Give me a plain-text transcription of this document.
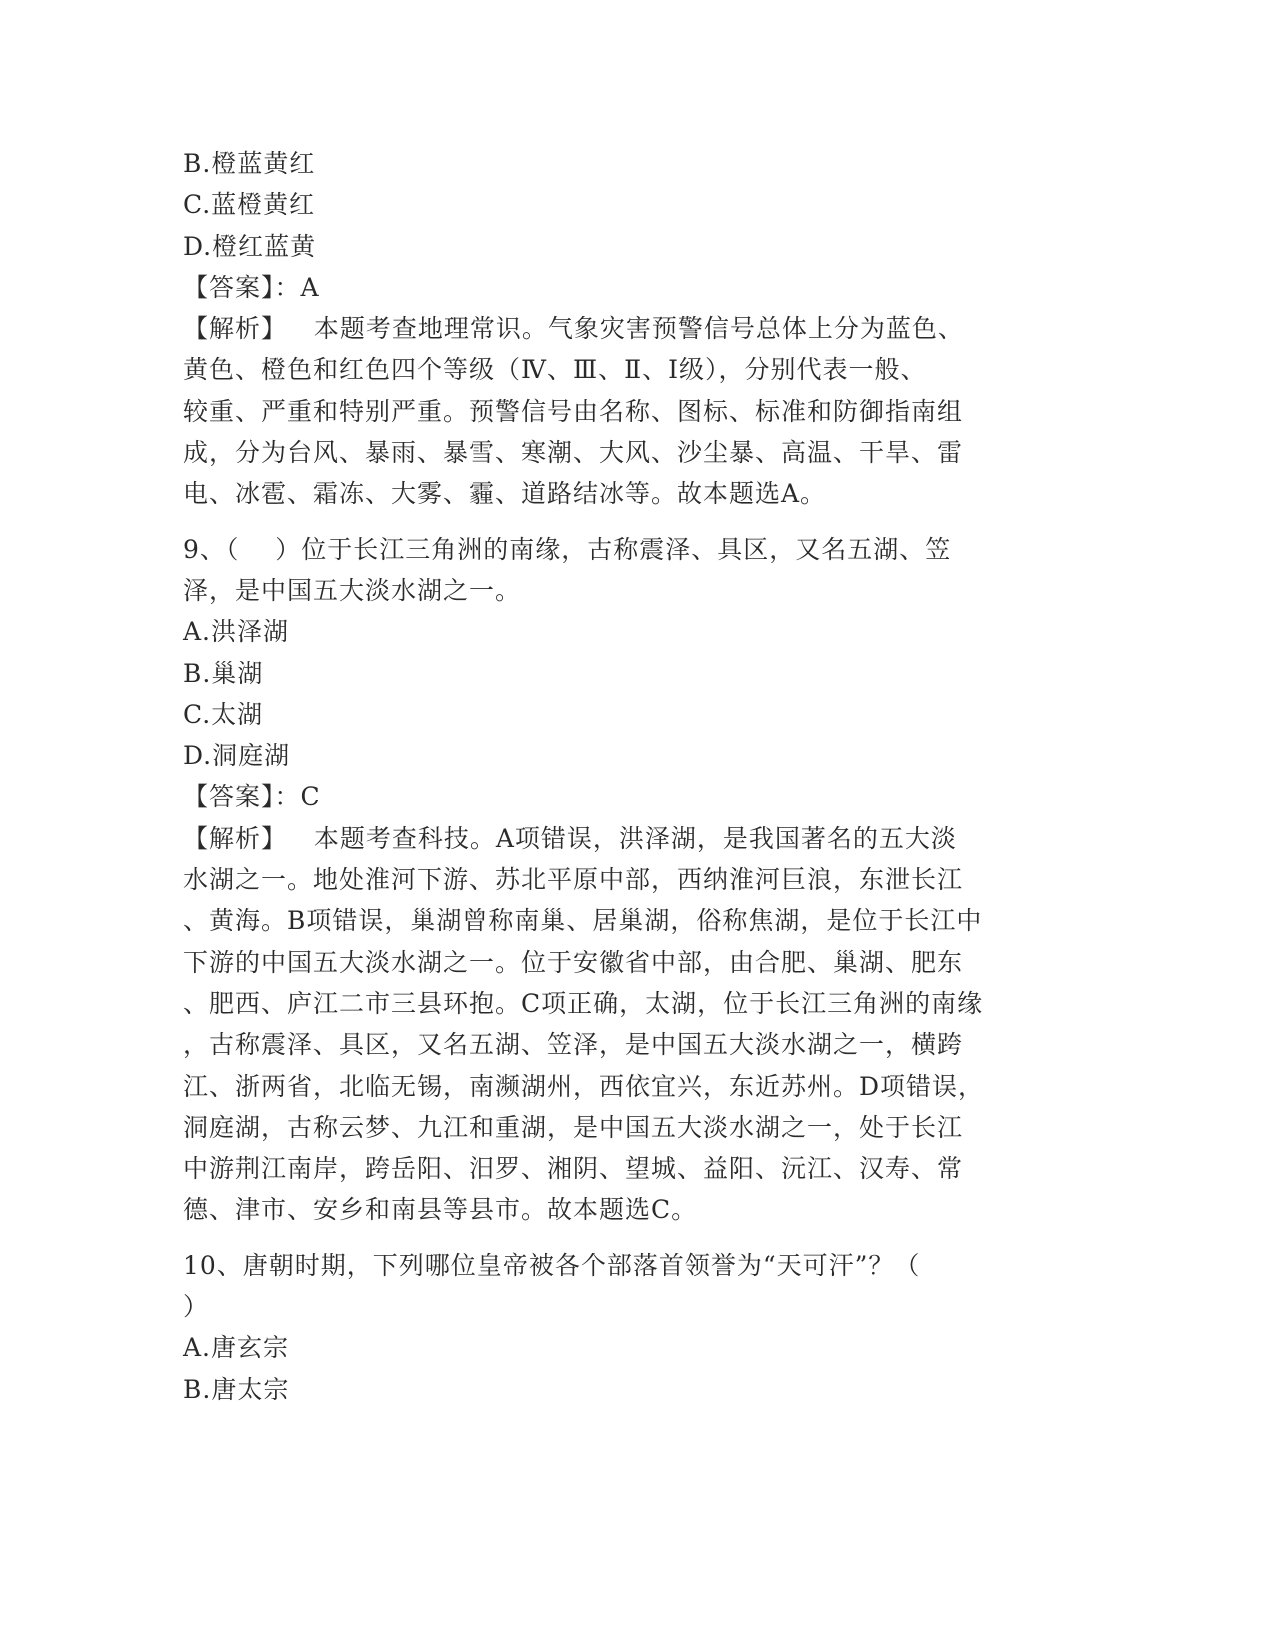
B.橙蓝黄红
C.蓝橙黄红
D.橙红蓝黄
【答案】：A
【解析】   本题考查地理常识。气象灾害预警信号总体上分为蓝色、
黄色、橙色和红色四个等级（Ⅳ、Ⅲ、Ⅱ、Ⅰ级），分别代表一般、
较重、严重和特别严重。预警信号由名称、图标、标准和防御指南组
成，分为台风、暴雨、暴雪、寒潮、大风、沙尘暴、高温、干旱、雷
电、冰雹、霜冻、大雾、霾、道路结冰等。故本题选A。
9、（    ）位于长江三角洲的南缘，古称震泽、具区，又名五湖、笠
泽，是中国五大淡水湖之一。
A.洪泽湖
B.巢湖
C.太湖
D.洞庭湖
【答案】：C
【解析】   本题考查科技。A项错误，洪泽湖，是我国著名的五大淡
水湖之一。地处淮河下游、苏北平原中部，西纳淮河巨浪，东泄长江
、黄海。B项错误，巢湖曾称南巢、居巢湖，俗称焦湖，是位于长江中
下游的中国五大淡水湖之一。位于安徽省中部，由合肥、巢湖、肥东
、肥西、庐江二市三县环抱。C项正确，太湖，位于长江三角洲的南缘
，古称震泽、具区，又名五湖、笠泽，是中国五大淡水湖之一，横跨
江、浙两省，北临无锡，南濒湖州，西依宜兴，东近苏州。D项错误，
洞庭湖，古称云梦、九江和重湖，是中国五大淡水湖之一，处于长江
中游荆江南岸，跨岳阳、汨罗、湘阴、望城、益阳、沅江、汉寿、常
德、津市、安乡和南县等县市。故本题选C。
10、唐朝时期，下列哪位皇帝被各个部落首领誉为“天可汗”？（
）
A.唐玄宗
B.唐太宗
